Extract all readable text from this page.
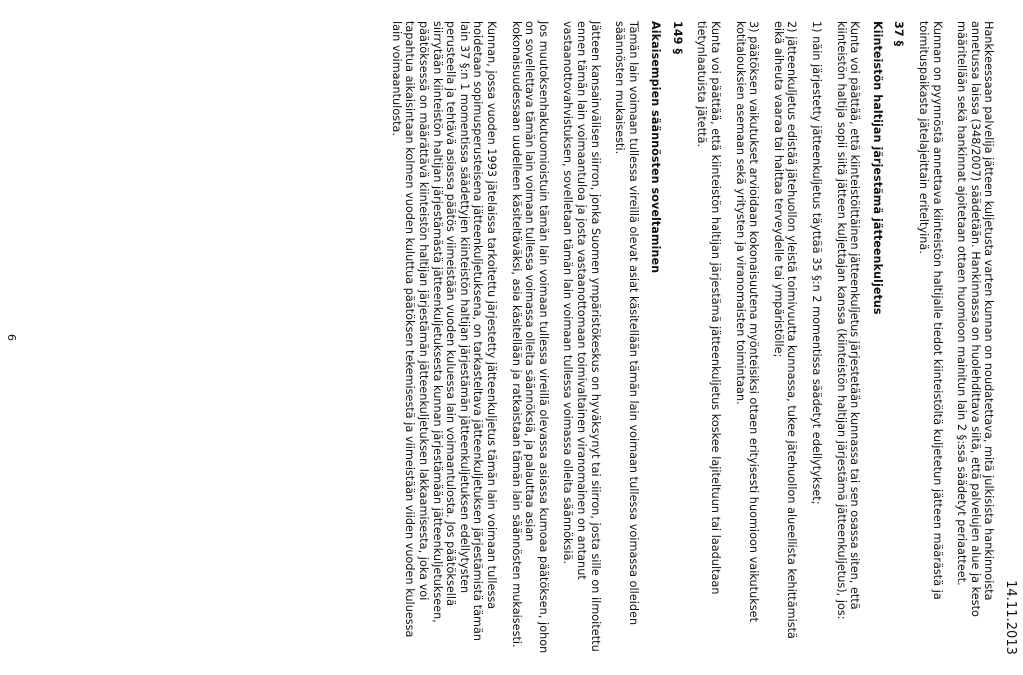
14.11.2013

Hankkeessaan palvelija jätteen kuljetusta varten kunnan on noudatettava, mitä julkisista hankinnoista annetussa laissa (348/2007) säädetään. Hankinnassa on huolehdittava siitä, että palvelujen alue ja kesto määritellään sekä hankinnat ajoitetaan ottaen huomioon mainitun lain 2 §:ssä säädetyt periaatteet.

Kunnan on pyynnöstä annettava kiinteistön haltijalle tiedot kiinteistöltä kuljetetun jätteen määrästä ja toimituspaikasta jätelajeittain eriteltyinä.

37 §
Kiinteistön haltijan järjestämä jätteenkuljetus

Kunta voi päättää, että kiinteistöittäinen jätteenkuljetus järjestetään kunnassa tai sen osassa siten, että kiinteistön haltija sopii siitä jätteen kuljettajan kanssa (kiinteistön haltijan järjestämä jätteenkuljetus), jos:

1) näin järjestetty jätteenkuljetus täyttää 35 §:n 2 momentissa säädetyt edellytykset;

2) jätteenkuljetus edistää jätehuollon yleistä toimivuutta kunnassa, tukee jätehuollon alueellista kehittämistä eikä aiheuta vaaraa tai haittaa terveydelle tai ympäristölle;

3) päätöksen vaikutukset arvioidaan kokonaisuutena myönteisiksi ottaen erityisesti huomioon vaikutukset kotitalouksien asemaan sekä yritysten ja viranomaisten toimintaan.

Kunta voi päättää, että kiinteistön haltijan järjestämä jätteenkuljetus koskee lajiteltuun tai laadultaan tietynlaatuista jätettä.

149 §
Aikaisempien säännösten soveltaminen

Tämän lain voimaan tullessa vireillä olevat asiat käsitellään tämän lain voimaan tullessa voimassa olleiden säännösten mukaisesti.

Jätteen kansainvälisen siirron, jonka Suomen ympäristökeskus on hyväksynyt tai siirron, josta sille on ilmoitettu ennen tämän lain voimaantuloa ja josta vastaanottomaan toimivaltainen viranomainen on antanut vastaanottovahvistuksen, sovelletaan tämän lain voimaan tullessa voimassa olleita säännöksiä.

Jos muutoksenhakutuomioistuin tämän lain voimaan tullessa vireillä olevassa asiassa kumoaa päätöksen, johon on sovellettava tämän lain voimaan tullessa voimassa olleita säännöksiä, ja palauttaa asian kokonaisuudessaan uudelleen käsiteltäväksi, asia käsitellään ja ratkaistaan tämän lain säännösten mukaisesti.

Kunnan, jossa vuoden 1993 jätelaissa tarkoitettu järjestetty jätteenkuljetus tämän lain voimaan tullessa hoidetaan sopimusperusteisena jätteenkuljetuksena, on tarkasteltava jätteenkuljetuksen järjestämistä tämän lain 37 §:n 1 momentissa säädettyjen kiinteistön haltijan järjestämän jätteenkuljetuksen edellytysten perusteella ja tehtävä asiassa päätös viimeistään vuoden kuluessa lain voimaantulosta. Jos päätöksellä siirrytään kiinteistön haltijan järjestämästä jätteenkuljetuksesta kunnan järjestämään jätteenkuljetukseen, päätöksessä on määrättävä kiinteistön haltijan järjestämän jätteenkuljetuksen lakkaamisesta, joka voi tapahtua aikaisintaan kolmen vuoden kuluttua päätöksen tekemisestä ja viimeistään viiden vuoden kuluessa lain voimaantulosta.

6
